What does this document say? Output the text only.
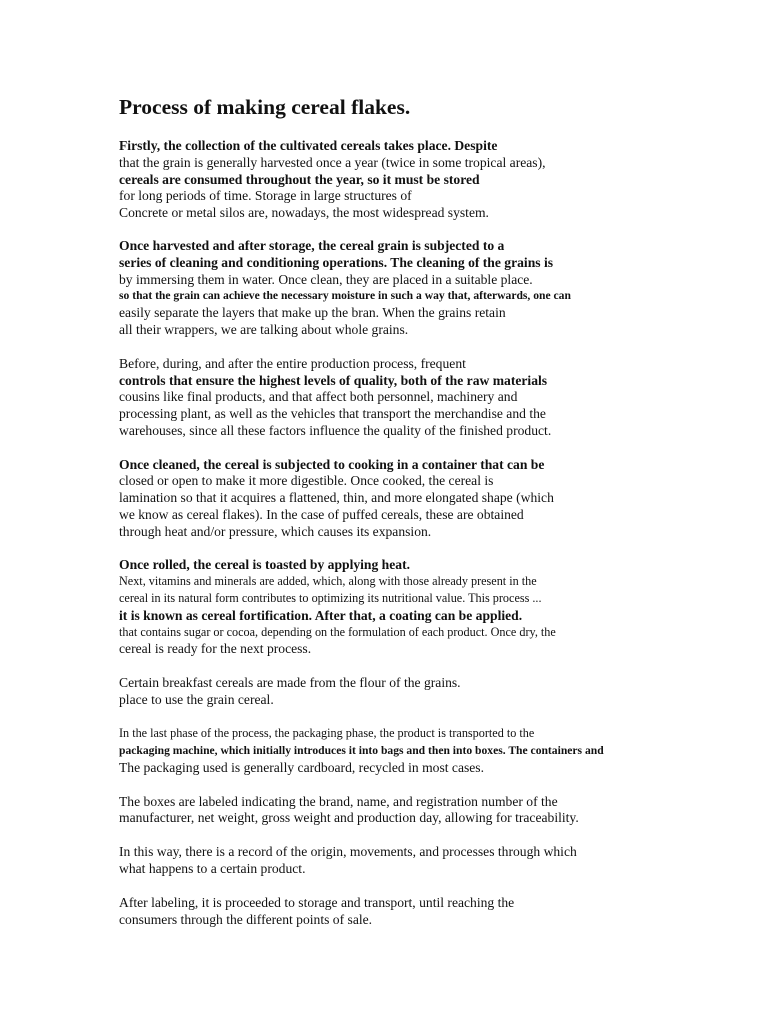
Process of making cereal flakes.

Firstly, the collection of the cultivated cereals takes place. Despite

that the grain is generally harvested once a year (twice in some tropical areas),

cereals are consumed throughout the year, so it must be stored

for long periods of time. Storage in large structures of

Concrete or metal silos are, nowadays, the most widespread system.

Once harvested and after storage, the cereal grain is subjected to a

series of cleaning and conditioning operations. The cleaning of the grains is

by immersing them in water. Once clean, they are placed in a suitable place.

so that the grain can achieve the necessary moisture in such a way that, afterwards, one can

easily separate the layers that make up the bran. When the grains retain

all their wrappers, we are talking about whole grains.

Before, during, and after the entire production process, frequent

controls that ensure the highest levels of quality, both of the raw materials

cousins like final products, and that affect both personnel, machinery and

processing plant, as well as the vehicles that transport the merchandise and the

warehouses, since all these factors influence the quality of the finished product.

Once cleaned, the cereal is subjected to cooking in a container that can be

closed or open to make it more digestible. Once cooked, the cereal is

lamination so that it acquires a flattened, thin, and more elongated shape (which

we know as cereal flakes). In the case of puffed cereals, these are obtained

through heat and/or pressure, which causes its expansion.

Once rolled, the cereal is toasted by applying heat.

Next, vitamins and minerals are added, which, along with those already present in the

cereal in its natural form contributes to optimizing its nutritional value. This process ...

it is known as cereal fortification. After that, a coating can be applied.

that contains sugar or cocoa, depending on the formulation of each product. Once dry, the

cereal is ready for the next process.

Certain breakfast cereals are made from the flour of the grains.

place to use the grain cereal.

In the last phase of the process, the packaging phase, the product is transported to the

packaging machine, which initially introduces it into bags and then into boxes. The containers and

The packaging used is generally cardboard, recycled in most cases.

The boxes are labeled indicating the brand, name, and registration number of the

manufacturer, net weight, gross weight and production day, allowing for traceability.

In this way, there is a record of the origin, movements, and processes through which

what happens to a certain product.

After labeling, it is proceeded to storage and transport, until reaching the

consumers through the different points of sale.
